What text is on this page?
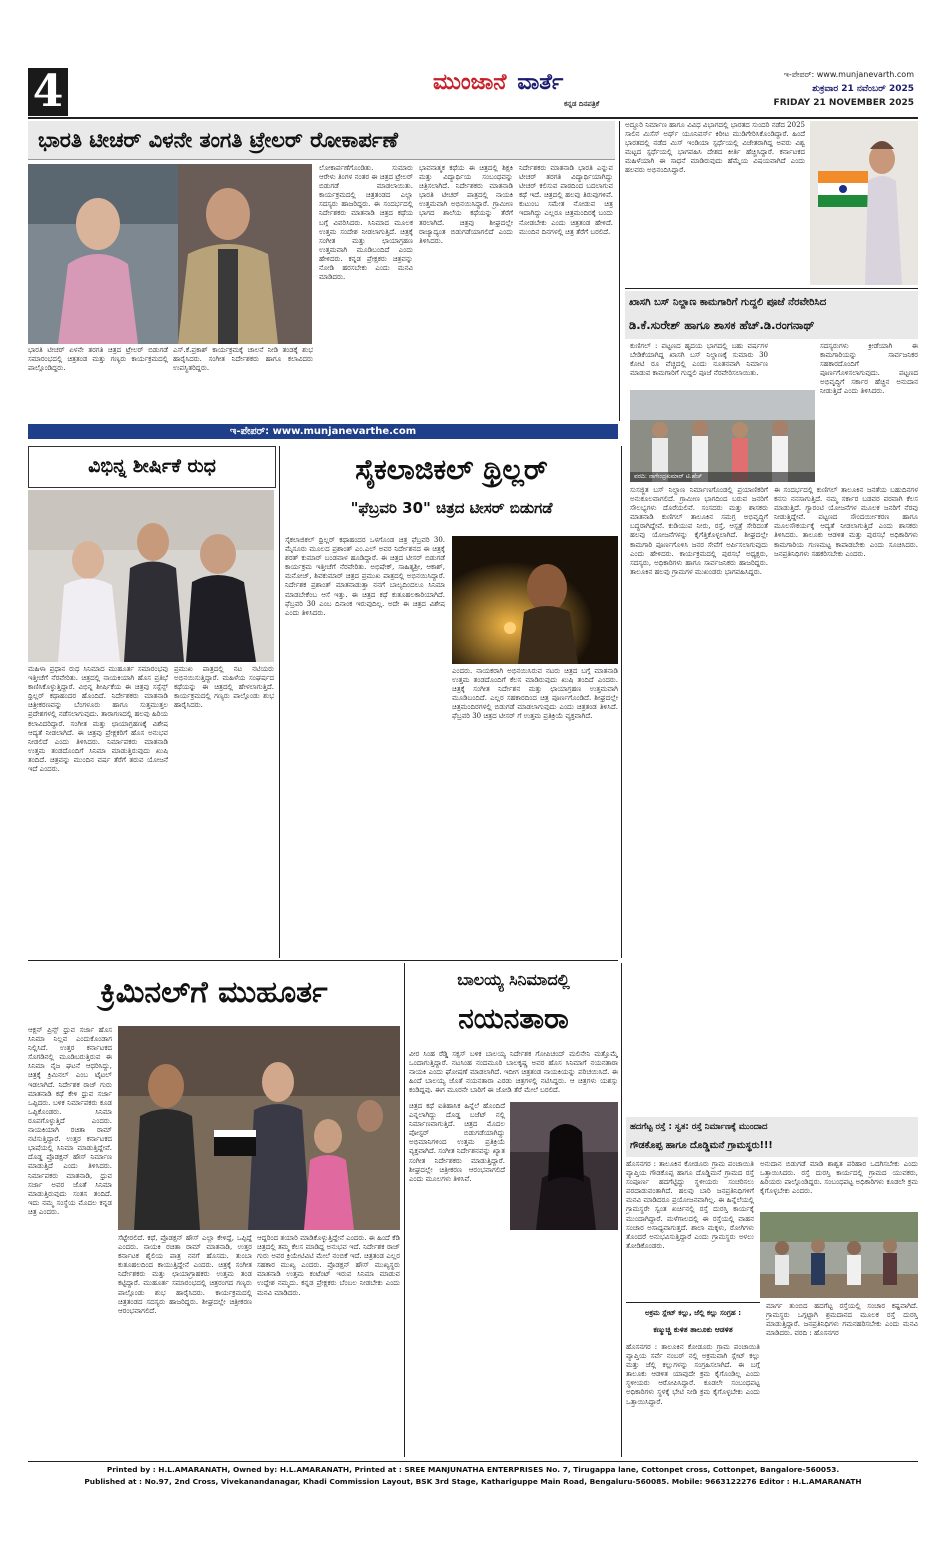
4	ಮುಂಜಾನೆ ವಾರ್ತೆ
ಕನ್ನಡ ದಿನಪತ್ರಿಕೆ
ಇ-ಪೇಪರ್: www.munjanevarth.com
ಶುಕ್ರವಾರ 21 ನವೆಂಬರ್ 2025
FRIDAY 21 NOVEMBER 2025
ಭಾರತಿ ಟೀಚರ್ ವಿಳನೇ ತಂಗತಿ ಟ್ರೇಲರ್ ರೋಕಾರ್ಪಣೆ
ಭಾರತಿ ಟೀಚರ್ ಏಳನೇ ತರಗತಿ ಚಿತ್ರದ ಟ್ರೇಲರ್ ಬಿಡುಗಡೆ ಸಮಾರಂಭದಲ್ಲಿ ಚಿತ್ರತಂಡ ಮತ್ತು ಗಣ್ಯರು ಕಾರ್ಯಕ್ರಮದಲ್ಲಿ ಪಾಲ್ಗೊಂಡಿದ್ದರು.
ಎಸ್.ಕೆ.ಪ್ರಕಾಶ್ ಕಾರ್ಯಕ್ರಮಕ್ಕೆ ಚಾಲನೆ ನೀಡಿ ತಂಡಕ್ಕೆ ಶುಭ ಹಾರೈಸಿದರು. ಸಂಗೀತ ನಿರ್ದೇಶಕರು ಹಾಗೂ ಕಲಾವಿದರು ಉಪಸ್ಥಿತರಿದ್ದರು.
ಲೋಕಾರ್ಪಣೆಗೊಂಡಿತು. ಸುಮಾರು ಆರೇಳು ತಿಂಗಳ ನಂತರ ಈ ಚಿತ್ರದ ಟ್ರೇಲರ್ ಬಿಡುಗಡೆ ಮಾಡಲಾಯಿತು. ಕಾರ್ಯಕ್ರಮದಲ್ಲಿ ಚಿತ್ರತಂಡದ ಎಲ್ಲಾ ಸದಸ್ಯರು ಹಾಜರಿದ್ದರು. ಈ ಸಂದರ್ಭದಲ್ಲಿ ನಿರ್ದೇಶಕರು ಮಾತನಾಡಿ ಚಿತ್ರದ ಕಥೆಯ ಬಗ್ಗೆ ವಿವರಿಸಿದರು. ಸಿನಿಮಾದ ಮೂಲಕ ಉತ್ತಮ ಸಂದೇಶ ನೀಡಲಾಗುತ್ತಿದೆ. ಚಿತ್ರಕ್ಕೆ ಸಂಗೀತ ಮತ್ತು ಛಾಯಾಗ್ರಹಣ ಉತ್ತಮವಾಗಿ ಮೂಡಿಬಂದಿದೆ ಎಂದು ಹೇಳಿದರು. ಕನ್ನಡ ಪ್ರೇಕ್ಷಕರು ಚಿತ್ರವನ್ನು ನೋಡಿ ಹರಸಬೇಕು ಎಂದು ಮನವಿ ಮಾಡಿದರು.
ಭಾವನಾತ್ಮಕ ಕಥೆಯ ಈ ಚಿತ್ರದಲ್ಲಿ ಶಿಕ್ಷಕಿ ಮತ್ತು ವಿದ್ಯಾರ್ಥಿಯ ಸಂಬಂಧವನ್ನು ಚಿತ್ರಿಸಲಾಗಿದೆ. ನಿರ್ದೇಶಕರು ಮಾತನಾಡಿ ಭಾರತಿ ಟೀಚರ್ ಪಾತ್ರದಲ್ಲಿ ನಾಯಕಿ ಉತ್ತಮವಾಗಿ ಅಭಿನಯಿಸಿದ್ದಾರೆ. ಗ್ರಾಮೀಣ ಭಾಗದ ಶಾಲೆಯ ಕಥೆಯನ್ನು ತೆರೆಗೆ ತರಲಾಗಿದೆ. ಚಿತ್ರವು ಶೀಘ್ರದಲ್ಲೇ ರಾಜ್ಯಾದ್ಯಂತ ಬಿಡುಗಡೆಯಾಗಲಿದೆ ಎಂದು ತಿಳಿಸಿದರು.
ನಿರ್ದೇಶಕರು ಮಾತನಾಡಿ ಭಾರತಿ ಎನ್ನುವ ಟೀಚರ್ ತರಗತಿ ವಿದ್ಯಾರ್ಥಿಯಾಗಿದ್ದು ಟೀಚರ್ ಕಲಿಸುವ ಪಾಠದಿಂದ ಬದಲಾಗುವ ಕಥೆ ಇದೆ. ಚಿತ್ರದಲ್ಲಿ ಹಲವು ತಿರುವುಗಳಿವೆ. ಕುಟುಂಬ ಸಮೇತ ನೋಡುವ ಚಿತ್ರ ಇದಾಗಿದ್ದು ಎಲ್ಲರೂ ಚಿತ್ರಮಂದಿರಕ್ಕೆ ಬಂದು ನೋಡಬೇಕು ಎಂದು ಚಿತ್ರತಂಡ ಹೇಳಿದೆ. ಮುಂದಿನ ದಿನಗಳಲ್ಲಿ ಚಿತ್ರ ತೆರೆಗೆ ಬರಲಿದೆ.
ಅದ್ದೂರಿ ನಿರ್ಮಾಣ ಹಾಗೂ ವಿವಿಧ ವಿಭಾಗದಲ್ಲಿ ಭಾರತದ ಸುಂದರಿ ನಡೆದ 2025 ಸಾಲಿನ ಮಿಸೆಸ್ ಅರ್ಥ್ ಯೂನಿವರ್ಸ್ ಕಿರೀಟ ಮುಡಿಗೇರಿಸಿಕೊಂಡಿದ್ದಾರೆ. ಹಿಂದೆ ಭಾರತದಲ್ಲಿ ನಡೆದ ಮಿಸ್ ಇಂಡಿಯಾ ಸ್ಪರ್ಧೆಯಲ್ಲಿ ವಿಜೇತರಾಗಿದ್ದ ಅವರು ವಿಶ್ವ ಮಟ್ಟದ ಸ್ಪರ್ಧೆಯಲ್ಲಿ ಭಾಗವಹಿಸಿ ದೇಶದ ಕೀರ್ತಿ ಹೆಚ್ಚಿಸಿದ್ದಾರೆ. ಕರ್ನಾಟಕದ ಮಹಿಳೆಯಾಗಿ ಈ ಸಾಧನೆ ಮಾಡಿರುವುದು ಹೆಮ್ಮೆಯ ವಿಷಯವಾಗಿದೆ ಎಂದು ಹಲವರು ಅಭಿನಂದಿಸಿದ್ದಾರೆ.
ಖಾಸಗಿ ಬಸ್ ನಿಲ್ದಾಣ ಕಾಮಗಾರಿಗೆ ಗುದ್ದಲಿ ಪೂಜೆ ನೆರವೇರಿಸಿದ
ಡಿ.ಕೆ.ಸುರೇಶ್ ಹಾಗೂ ಶಾಸಕ ಹೆಚ್.ಡಿ.ರಂಗನಾಥ್
ಕುಣಿಗಲ್ : ಪಟ್ಟಣದ ಹೃದಯ ಭಾಗದಲ್ಲಿ ಬಹು ವರ್ಷಗಳ ಬೇಡಿಕೆಯಾಗಿದ್ದ ಖಾಸಗಿ ಬಸ್ ನಿಲ್ದಾಣಕ್ಕೆ ಸುಮಾರು 30 ಕೋಟಿ ರೂ ವೆಚ್ಚದಲ್ಲಿ ಎಂದು ನೂತನವಾಗಿ ನಿರ್ಮಾಣ ಮಾಡುವ ಕಾಮಗಾರಿಗೆ ಗುದ್ದಲಿ ಪೂಜೆ ನೆರವೇರಿಸಲಾಯಿತು.
ವರದಿ: ನಾಗೇಂದ್ರಕುಮಾರ್ ಟಿ.ಹೆಚ್
ಸದಸ್ಯರುಗಳು ಕ್ರೀಡೆಯಾಗಿ ಈ ಕಾಮಗಾರಿಯನ್ನು ಸಾರ್ವಜನಿಕರ ಸಹಕಾರದೊಂದಿಗೆ ಪೂರ್ಣಗೊಳಿಸಲಾಗುವುದು. ಪಟ್ಟಣದ ಅಭಿವೃದ್ಧಿಗೆ ಸರ್ಕಾರ ಹೆಚ್ಚಿನ ಅನುದಾನ ನೀಡುತ್ತಿದೆ ಎಂದು ತಿಳಿಸಿದರು.
ಸುಸಜ್ಜಿತ ಬಸ್ ನಿಲ್ದಾಣ ನಿರ್ಮಾಣಗೊಂಡಲ್ಲಿ ಪ್ರಯಾಣಿಕರಿಗೆ ಅನುಕೂಲವಾಗಲಿದೆ. ಗ್ರಾಮೀಣ ಭಾಗದಿಂದ ಬರುವ ಜನರಿಗೆ ಸೌಲಭ್ಯಗಳು ದೊರೆಯಲಿವೆ. ಸಂಸದರು ಮತ್ತು ಶಾಸಕರು ಮಾತನಾಡಿ ಕುಣಿಗಲ್ ತಾಲೂಕಿನ ಸಮಗ್ರ ಅಭಿವೃದ್ಧಿಗೆ ಬದ್ಧರಾಗಿದ್ದೇವೆ. ಕುಡಿಯುವ ನೀರು, ರಸ್ತೆ, ಆಸ್ಪತ್ರೆ ಸೇರಿದಂತೆ ಹಲವು ಯೋಜನೆಗಳನ್ನು ಕೈಗೆತ್ತಿಕೊಳ್ಳಲಾಗಿದೆ. ಶೀಘ್ರದಲ್ಲೇ ಕಾಮಗಾರಿ ಪೂರ್ಣಗೊಳಿಸಿ ಜನರ ಸೇವೆಗೆ ಅರ್ಪಿಸಲಾಗುವುದು ಎಂದು ಹೇಳಿದರು. ಕಾರ್ಯಕ್ರಮದಲ್ಲಿ ಪುರಸಭೆ ಅಧ್ಯಕ್ಷರು, ಸದಸ್ಯರು, ಅಧಿಕಾರಿಗಳು ಹಾಗೂ ಸಾರ್ವಜನಿಕರು ಹಾಜರಿದ್ದರು. ತಾಲೂಕಿನ ಹಲವು ಗ್ರಾಮಗಳ ಮುಖಂಡರು ಭಾಗವಹಿಸಿದ್ದರು.
ಈ ಸಂದರ್ಭದಲ್ಲಿ ಕುಣಿಗಲ್ ತಾಲೂಕಿನ ಜನತೆಯ ಬಹುದಿನಗಳ ಕನಸು ನನಸಾಗುತ್ತಿದೆ. ನಮ್ಮ ಸರ್ಕಾರ ಬಡವರ ಪರವಾಗಿ ಕೆಲಸ ಮಾಡುತ್ತಿದೆ. ಗ್ಯಾರಂಟಿ ಯೋಜನೆಗಳ ಮೂಲಕ ಜನರಿಗೆ ನೆರವು ನೀಡುತ್ತಿದ್ದೇವೆ. ಪಟ್ಟಣದ ಸೌಂದರ್ಯೀಕರಣ ಹಾಗೂ ಮೂಲಸೌಕರ್ಯಕ್ಕೆ ಆದ್ಯತೆ ನೀಡಲಾಗುತ್ತಿದೆ ಎಂದು ಶಾಸಕರು ತಿಳಿಸಿದರು. ತಾಲೂಕು ಆಡಳಿತ ಮತ್ತು ಪುರಸಭೆ ಅಧಿಕಾರಿಗಳು ಕಾಮಗಾರಿಯ ಗುಣಮಟ್ಟ ಕಾಪಾಡಬೇಕು ಎಂದು ಸೂಚಿಸಿದರು. ಜನಪ್ರತಿನಿಧಿಗಳು ಸಹಕರಿಸಬೇಕು ಎಂದರು.
ಇ-ಪೇಪರ್: www.munjanevarthe.com
ವಿಭಿನ್ನ ಶೀರ್ಷಿಕೆ ರುಧ
ಮಹಿಳಾ ಪ್ರಧಾನ ರುಧ ಸಿನಿಮಾದ ಮುಹೂರ್ತ ಸಮಾರಂಭವು ಇತ್ತೀಚೆಗೆ ನೆರವೇರಿತು. ಚಿತ್ರದಲ್ಲಿ ನಾಯಕಿಯಾಗಿ ಹೊಸ ಪ್ರತಿಭೆ ಕಾಣಿಸಿಕೊಳ್ಳುತ್ತಿದ್ದಾರೆ. ವಿಭಿನ್ನ ಶೀರ್ಷಿಕೆಯ ಈ ಚಿತ್ರವು ಸಸ್ಪೆನ್ಸ್ ಥ್ರಿಲ್ಲರ್ ಕಥಾಹಂದರ ಹೊಂದಿದೆ. ನಿರ್ದೇಶಕರು ಮಾತನಾಡಿ ಚಿತ್ರೀಕರಣವನ್ನು ಬೆಂಗಳೂರು ಹಾಗೂ ಸುತ್ತಮುತ್ತಲ ಪ್ರದೇಶಗಳಲ್ಲಿ ನಡೆಸಲಾಗುವುದು. ತಾರಾಗಣದಲ್ಲಿ ಹಲವು ಹಿರಿಯ ಕಲಾವಿದರಿದ್ದಾರೆ. ಸಂಗೀತ ಮತ್ತು ಛಾಯಾಗ್ರಹಣಕ್ಕೆ ವಿಶೇಷ ಆದ್ಯತೆ ನೀಡಲಾಗಿದೆ. ಈ ಚಿತ್ರವು ಪ್ರೇಕ್ಷಕರಿಗೆ ಹೊಸ ಅನುಭವ ನೀಡಲಿದೆ ಎಂದು ತಿಳಿಸಿದರು. ನಿರ್ಮಾಪಕರು ಮಾತನಾಡಿ ಉತ್ತಮ ತಂಡದೊಂದಿಗೆ ಸಿನಿಮಾ ಮಾಡುತ್ತಿರುವುದು ಖುಷಿ ತಂದಿದೆ. ಚಿತ್ರವನ್ನು ಮುಂದಿನ ವರ್ಷ ತೆರೆಗೆ ತರುವ ಯೋಜನೆ ಇದೆ ಎಂದರು.
ಪ್ರಮುಖ ಪಾತ್ರದಲ್ಲಿ ನಟ ನಟಿಯರು ಅಭಿನಯಿಸುತ್ತಿದ್ದಾರೆ. ಮಹಿಳೆಯ ಸಂಘರ್ಷದ ಕಥೆಯನ್ನು ಈ ಚಿತ್ರದಲ್ಲಿ ಹೇಳಲಾಗುತ್ತಿದೆ. ಕಾರ್ಯಕ್ರಮದಲ್ಲಿ ಗಣ್ಯರು ಪಾಲ್ಗೊಂಡು ಶುಭ ಹಾರೈಸಿದರು.
ಸೈಕಲಾಜಿಕಲ್ ಥ್ರಿಲ್ಲರ್
"ಫೆಬ್ರವರಿ 30" ಚಿತ್ರದ ಟೀಸರ್ ಬಿಡುಗಡೆ
ಸೈಕಲಾಜಿಕಲ್ ಥ್ರಿಲ್ಲರ್ ಕಥಾಹಂದರ ಒಳಗೊಂಡ ಚಿತ್ರ ಫೆಬ್ರವರಿ 30. ಮೈಸೂರು ಮೂಲದ ಪ್ರಶಾಂತ್ ಎಂ.ಎಲ್ ಅವರ ನಿರ್ದೇಶನದ ಈ ಚಿತ್ರಕ್ಕೆ ಶರತ್ ಕುಮಾರ್ ಬಂಡವಾಳ ಹೂಡಿದ್ದಾರೆ. ಈ ಚಿತ್ರದ ಟೀಸರ್ ಬಿಡುಗಡೆ ಕಾರ್ಯಕ್ರಮ ಇತ್ತೀಚೆಗೆ ನೆರವೇರಿತು. ಅಭಿಷೇಕ್, ಸಾಹಿತ್ಯಶ್ರೀ, ಆಕಾಶ್, ಮನೋಜ್, ಶಿವಕುಮಾರ್ ಚಿತ್ರದ ಪ್ರಮುಖ ಪಾತ್ರದಲ್ಲಿ ಅಭಿನಯಿಸಿದ್ದಾರೆ. ನಿರ್ದೇಶಕ ಪ್ರಶಾಂತ್ ಮಾತನಾಡುತ್ತಾ ನನಗೆ ಬಾಲ್ಯದಿಂದಲೂ ಸಿನಿಮಾ ಮಾಡಬೇಕೆಂಬ ಆಸೆ ಇತ್ತು. ಈ ಚಿತ್ರದ ಕಥೆ ಕುತೂಹಲಕಾರಿಯಾಗಿದೆ. ಫೆಬ್ರವರಿ 30 ಎಂಬ ದಿನಾಂಕ ಇರುವುದಿಲ್ಲ. ಅದೇ ಈ ಚಿತ್ರದ ವಿಶೇಷ ಎಂದು ತಿಳಿಸಿದರು.
ಎಂದರು. ನಾಯಕರಾಗಿ ಅಭಿನಯಿಸಿರುವ ನಟರು ಚಿತ್ರದ ಬಗ್ಗೆ ಮಾತನಾಡಿ ಉತ್ತಮ ತಂಡದೊಂದಿಗೆ ಕೆಲಸ ಮಾಡಿರುವುದು ಖುಷಿ ತಂದಿದೆ ಎಂದರು. ಚಿತ್ರಕ್ಕೆ ಸಂಗೀತ ನಿರ್ದೇಶನ ಮತ್ತು ಛಾಯಾಗ್ರಹಣ ಉತ್ತಮವಾಗಿ ಮೂಡಿಬಂದಿದೆ. ಎಲ್ಲರ ಸಹಕಾರದಿಂದ ಚಿತ್ರ ಪೂರ್ಣಗೊಂಡಿದೆ. ಶೀಘ್ರದಲ್ಲೇ ಚಿತ್ರಮಂದಿರಗಳಲ್ಲಿ ಬಿಡುಗಡೆ ಮಾಡಲಾಗುವುದು ಎಂದು ಚಿತ್ರತಂಡ ತಿಳಿಸಿದೆ. ಫೆಬ್ರವರಿ 30 ಚಿತ್ರದ ಟೀಸರ್ ಗೆ ಉತ್ತಮ ಪ್ರತಿಕ್ರಿಯೆ ವ್ಯಕ್ತವಾಗಿದೆ.
ಕ್ರಿಮಿನಲ್‌ಗೆ ಮುಹೂರ್ತ
ಆಕ್ಷನ್ ಪ್ರಿನ್ಸ್ ಧ್ರುವ ಸರ್ಜಾ ಹೊಸ ಸಿನಿಮಾ ನಿಲ್ಲವ ಎಂದುಕೊಂಡಾಗ ನಿಲ್ಲಿಸಿದೆ. ಉತ್ತರ ಕರ್ನಾಟಕದ ಸೊಗಡಿನಲ್ಲಿ ಮೂಡಿಬರುತ್ತಿರುವ ಈ ಸಿನಿಮಾ ನೈಜ ಘಟನೆ ಆಧರಿಸಿದ್ದು, ಚಿತ್ರಕ್ಕೆ ಕ್ರಿಮಿನಲ್ ಎಂಬ ಟೈಟಲ್ ಇಡಲಾಗಿದೆ. ನಿರ್ದೇಶಕ ರಾಜ್ ಗುರು ಮಾತನಾಡಿ ಕಥೆ ಕೇಳಿ ಧ್ರುವ ಸರ್ಜಾ ಒಪ್ಪಿದರು. ಬಳಿಕ ನಿರ್ಮಾಪಕರು ಕೂಡ ಒಪ್ಪಿಕೊಂಡರು. ಸಿನಿಮಾ ರೂಪಗೊಳ್ಳುತ್ತಿದೆ ಎಂದರು. ನಾಯಕಿಯಾಗಿ ರಚಿತಾ ರಾಮ್ ನಟಿಸುತ್ತಿದ್ದಾರೆ. ಉತ್ತರ ಕರ್ನಾಟಕದ ಭಾಷೆಯಲ್ಲಿ ಸಿನಿಮಾ ಮಾಡುತ್ತಿದ್ದೇವೆ. ದೊಡ್ಡ ಪ್ರೊಡಕ್ಷನ್ ಹೌಸ್ ನಿರ್ಮಾಣ ಮಾಡುತ್ತಿದೆ ಎಂದು ತಿಳಿಸಿದರು. ನಿರ್ಮಾಪಕರು ಮಾತನಾಡಿ, ಧ್ರುವ ಸರ್ಜಾ ಅವರ ಜೊತೆ ಸಿನಿಮಾ ಮಾಡುತ್ತಿರುವುದು ಸಂತಸ ತಂದಿದೆ. ಇದು ನಮ್ಮ ಸಂಸ್ಥೆಯ ಮೊದಲ ಕನ್ನಡ ಚಿತ್ರ ಎಂದರು.
ಸೆಟ್ಟೇರಲಿದೆ. ಕಥೆ, ಪ್ರೊಡಕ್ಷನ್ ಹೌಸ್ ಎಲ್ಲಾ ಕೇಳಿದ್ದೆ, ಒಪ್ಪಿದ್ದೆ ಎಂದರು. ನಾಯಕಿ ರಚಿತಾ ರಾಮ್ ಮಾತನಾಡಿ, ಉತ್ತರ ಕರ್ನಾಟಕ ಶೈಲಿಯ ಪಾತ್ರ ನನಗೆ ಹೊಸದು. ತುಂಬಾ ಕುತೂಹಲದಿಂದ ಕಾಯುತ್ತಿದ್ದೇನೆ ಎಂದರು. ಚಿತ್ರಕ್ಕೆ ಸಂಗೀತ ನಿರ್ದೇಶಕರು ಮತ್ತು ಛಾಯಾಗ್ರಾಹಕರು ಉತ್ತಮ ತಂಡ ಕಟ್ಟಿದ್ದಾರೆ. ಮುಹೂರ್ತ ಸಮಾರಂಭದಲ್ಲಿ ಚಿತ್ರರಂಗದ ಗಣ್ಯರು ಪಾಲ್ಗೊಂಡು ಶುಭ ಹಾರೈಸಿದರು. ಕಾರ್ಯಕ್ರಮದಲ್ಲಿ ಚಿತ್ರತಂಡದ ಸದಸ್ಯರು ಹಾಜರಿದ್ದರು. ಶೀಘ್ರದಲ್ಲೇ ಚಿತ್ರೀಕರಣ ಆರಂಭವಾಗಲಿದೆ.
ಆದ್ದರಿಂದ ತಯಾರಿ ಮಾಡಿಕೊಳ್ಳುತ್ತಿದ್ದೇನೆ ಎಂದರು. ಈ ಹಿಂದೆ ಕೆಡಿ ಚಿತ್ರದಲ್ಲಿ ತಮ್ಮ ಕೆಲಸ ಮಾಡಿದ್ದ ಅನುಭವ ಇದೆ. ನಿರ್ದೇಶಕ ರಾಜ್ ಗುರು ಅವರ ಕ್ರಿಯೇಟಿವಿಟಿ ಮೇಲೆ ನಂಬಿಕೆ ಇದೆ. ಚಿತ್ರತಂಡ ಎಲ್ಲರ ಸಹಕಾರ ಮುಖ್ಯ ಎಂದರು. ಪ್ರೊಡಕ್ಷನ್ ಹೌಸ್ ಮುಖ್ಯಸ್ಥರು ಮಾತನಾಡಿ ಉತ್ತಮ ಕಂಟೆಂಟ್ ಇರುವ ಸಿನಿಮಾ ಮಾಡುವ ಉದ್ದೇಶ ನಮ್ಮದು. ಕನ್ನಡ ಪ್ರೇಕ್ಷಕರು ಬೆಂಬಲ ನೀಡಬೇಕು ಎಂದು ಮನವಿ ಮಾಡಿದರು.
ಬಾಲಯ್ಯ ಸಿನಿಮಾದಲ್ಲಿ
ನಯನತಾರಾ
ವೀರ ಸಿಂಹ ರೆಡ್ಡಿ ಸಕ್ಸಸ್ ಬಳಿಕ ಬಾಲಯ್ಯ ನಿರ್ದೇಶಕ ಗೋಪಿಚಂದ್ ಮಲಿನೇನಿ ಮತ್ತೊಮ್ಮೆ ಒಂದಾಗುತ್ತಿದ್ದಾರೆ. ನಟಸಿಂಹ ನಂದಮೂರಿ ಬಾಲಕೃಷ್ಣ ಅವರ ಹೊಸ ಸಿನಿಮಾಗೆ ನಯನತಾರಾ ನಾಯಕಿ ಎಂದು ಘೋಷಣೆ ಮಾಡಲಾಗಿದೆ. ಇದೀಗ ಚಿತ್ರತಂಡ ನಾಯಕಿಯನ್ನು ಪರಿಚಯಿಸಿದೆ. ಈ ಹಿಂದೆ ಬಾಲಯ್ಯ ಜೊತೆ ನಯನತಾರಾ ಎರಡು ಚಿತ್ರಗಳಲ್ಲಿ ನಟಿಸಿದ್ದರು. ಆ ಚಿತ್ರಗಳು ಯಶಸ್ಸು ಕಂಡಿದ್ದವು. ಈಗ ಮೂರನೇ ಬಾರಿಗೆ ಈ ಜೋಡಿ ತೆರೆ ಮೇಲೆ ಬರಲಿದೆ.
ಚಿತ್ರದ ಕಥೆ ಐತಿಹಾಸಿಕ ಹಿನ್ನೆಲೆ ಹೊಂದಿದೆ ಎನ್ನಲಾಗಿದ್ದು ದೊಡ್ಡ ಬಜೆಟ್ ನಲ್ಲಿ ನಿರ್ಮಾಣವಾಗುತ್ತಿದೆ. ಚಿತ್ರದ ಮೊದಲ ಪೋಸ್ಟರ್ ಬಿಡುಗಡೆಯಾಗಿದ್ದು ಅಭಿಮಾನಿಗಳಿಂದ ಉತ್ತಮ ಪ್ರತಿಕ್ರಿಯೆ ವ್ಯಕ್ತವಾಗಿದೆ. ಸಂಗೀತ ನಿರ್ದೇಶನವನ್ನು ಖ್ಯಾತ ಸಂಗೀತ ನಿರ್ದೇಶಕರು ಮಾಡುತ್ತಿದ್ದಾರೆ. ಶೀಘ್ರದಲ್ಲೇ ಚಿತ್ರೀಕರಣ ಆರಂಭವಾಗಲಿದೆ ಎಂದು ಮೂಲಗಳು ತಿಳಿಸಿವೆ.
ಹದಗೆಟ್ಟ ರಸ್ತೆ : ಸ್ವತ: ರಸ್ತೆ ನಿರ್ಮಾಣಕ್ಕೆ ಮುಂದಾದ
ಗೌಡಕೊಪ್ಪ ಹಾಗೂ ದೊಡ್ಡಿಮನೆ ಗ್ರಾಮಸ್ಥರು!!!
ಹೊಸನಗರ : ತಾಲೂಕಿನ ಕೋಡೂರು ಗ್ರಾಮ ಪಂಚಾಯಿತಿ ವ್ಯಾಪ್ತಿಯ ಗೌಡಕೊಪ್ಪ ಹಾಗೂ ದೊಡ್ಡಿಮನೆ ಗ್ರಾಮದ ರಸ್ತೆ ಸಂಪೂರ್ಣ ಹದಗೆಟ್ಟಿದ್ದು ಸ್ಥಳೀಯರು ಸಂಚರಿಸಲು ಪರದಾಡುವಂತಾಗಿದೆ. ಹಲವು ಬಾರಿ ಜನಪ್ರತಿನಿಧಿಗಳಿಗೆ ಮನವಿ ಮಾಡಿದರೂ ಪ್ರಯೋಜನವಾಗಿಲ್ಲ. ಈ ಹಿನ್ನೆಲೆಯಲ್ಲಿ ಗ್ರಾಮಸ್ಥರೇ ಸ್ವಂತ ಖರ್ಚಿನಲ್ಲಿ ರಸ್ತೆ ದುರಸ್ತಿ ಕಾರ್ಯಕ್ಕೆ ಮುಂದಾಗಿದ್ದಾರೆ. ಮಳೆಗಾಲದಲ್ಲಿ ಈ ರಸ್ತೆಯಲ್ಲಿ ವಾಹನ ಸಂಚಾರ ಅಸಾಧ್ಯವಾಗುತ್ತದೆ. ಶಾಲಾ ಮಕ್ಕಳು, ರೋಗಿಗಳು ತೊಂದರೆ ಅನುಭವಿಸುತ್ತಿದ್ದಾರೆ ಎಂದು ಗ್ರಾಮಸ್ಥರು ಅಳಲು ತೋಡಿಕೊಂಡರು.
ಅನುದಾನ ಬಿಡುಗಡೆ ಮಾಡಿ ಶಾಶ್ವತ ಪರಿಹಾರ ಒದಗಿಸಬೇಕು ಎಂದು ಒತ್ತಾಯಿಸಿದರು. ರಸ್ತೆ ದುರಸ್ತಿ ಕಾರ್ಯದಲ್ಲಿ ಗ್ರಾಮದ ಯುವಕರು, ಹಿರಿಯರು ಪಾಲ್ಗೊಂಡಿದ್ದರು. ಸಂಬಂಧಪಟ್ಟ ಅಧಿಕಾರಿಗಳು ಕೂಡಲೇ ಕ್ರಮ ಕೈಗೊಳ್ಳಬೇಕು ಎಂದರು.
ಅಕ್ರಮ ಸ್ಲೇಟ್ ಕಲ್ಲು, ಜೆಲ್ಲಿ ಕಲ್ಲು ಸಂಗ್ರಹ :
ಕಣ್ಮುಚ್ಚಿ ಕುಳಿತ ತಾಲೂಕು ಆಡಳಿತ
ಹೊಸನಗರ : ತಾಲೂಕಿನ ಕೋಡೂರು ಗ್ರಾಮ ಪಂಚಾಯಿತಿ ವ್ಯಾಪ್ತಿಯ ಸರ್ವೆ ನಂಬರ್ ನಲ್ಲಿ ಅಕ್ರಮವಾಗಿ ಸ್ಲೇಟ್ ಕಲ್ಲು ಮತ್ತು ಜೆಲ್ಲಿ ಕಲ್ಲುಗಳನ್ನು ಸಂಗ್ರಹಿಸಲಾಗಿದೆ. ಈ ಬಗ್ಗೆ ತಾಲೂಕು ಆಡಳಿತ ಯಾವುದೇ ಕ್ರಮ ಕೈಗೊಂಡಿಲ್ಲ ಎಂದು ಸ್ಥಳೀಯರು ಆರೋಪಿಸಿದ್ದಾರೆ. ಕೂಡಲೇ ಸಂಬಂಧಪಟ್ಟ ಅಧಿಕಾರಿಗಳು ಸ್ಥಳಕ್ಕೆ ಭೇಟಿ ನೀಡಿ ಕ್ರಮ ಕೈಗೊಳ್ಳಬೇಕು ಎಂದು ಒತ್ತಾಯಿಸಿದ್ದಾರೆ.
ಮಾರ್ಗ ತುಂಬಿದ ಹದಗೆಟ್ಟ ರಸ್ತೆಯಲ್ಲಿ ಸಂಚಾರ ಕಷ್ಟವಾಗಿದೆ. ಗ್ರಾಮಸ್ಥರು ಒಗ್ಗಟ್ಟಾಗಿ ಶ್ರಮದಾನದ ಮೂಲಕ ರಸ್ತೆ ದುರಸ್ತಿ ಮಾಡುತ್ತಿದ್ದಾರೆ. ಜನಪ್ರತಿನಿಧಿಗಳು ಗಮನಹರಿಸಬೇಕು ಎಂದು ಮನವಿ ಮಾಡಿದರು. ವರದಿ : ಹೊಸನಗರ
Printed by : H.L.AMARANATH, Owned by: H.L.AMARANATH, Printed at : SREE MANJUNATHA ENTERPRISES No. 7, Tirugappa lane, Cottonpet cross, Cottonpet, Bangalore-560053.
Published at : No.97, 2nd Cross, Vivekanandanagar, Khadi Commission Layout, BSK 3rd Stage, Kathariguppe Main Road, Bengaluru-560085. Mobile: 9663122276 Editor : H.L.AMARANATH
